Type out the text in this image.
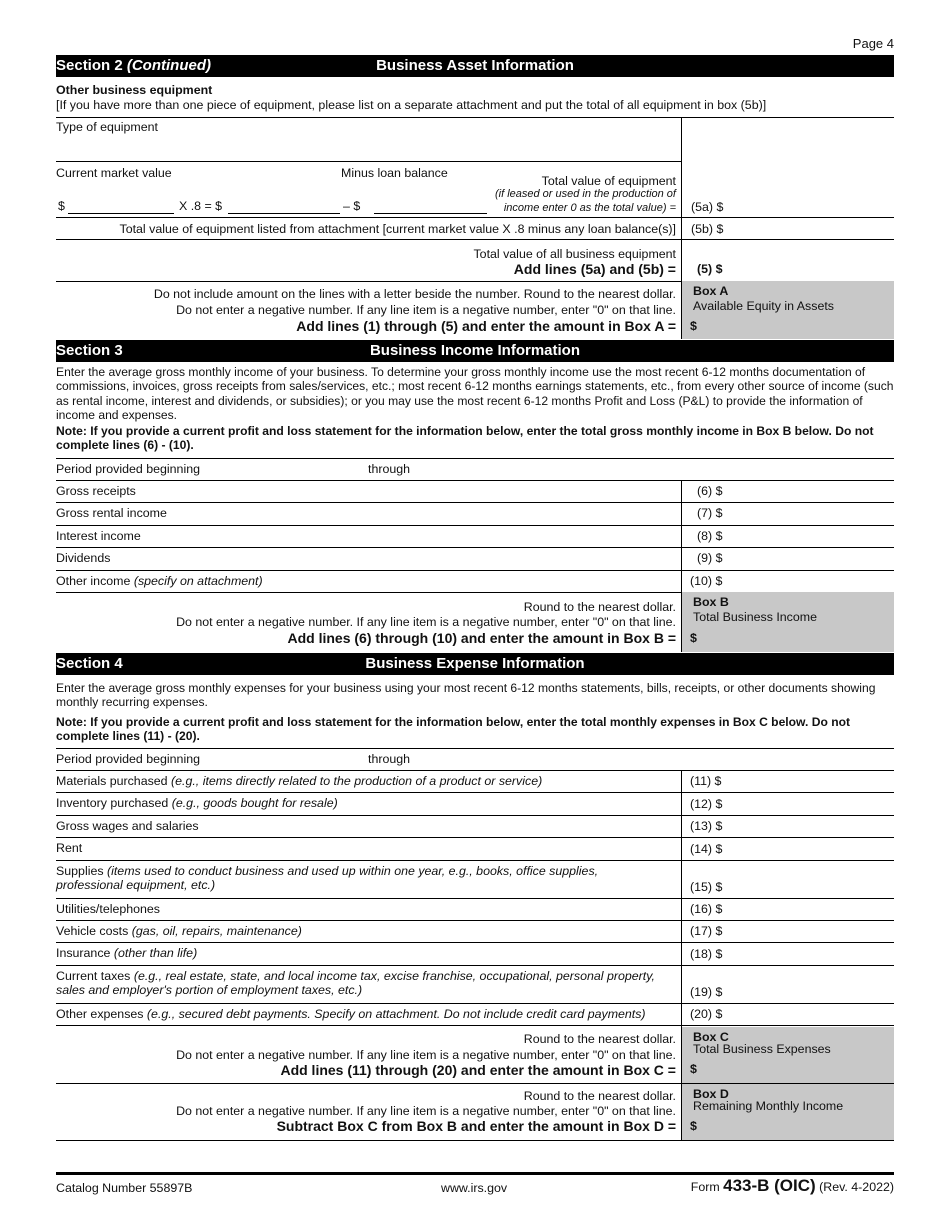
Page 4
Section 2 (Continued)	Business Asset Information
Other business equipment
[If you have more than one piece of equipment, please list on a separate attachment and put the total of all equipment in box (5b)]
Type of equipment
Current market value	Minus loan balance
Total value of equipment
(if leased or used in the production of
income enter 0 as the total value) =
$	X .8 = $	– $	(5a) $
Total value of equipment listed from attachment [current market value X .8 minus any loan balance(s)] (5b) $
Total value of all business equipment
Add lines (5a) and (5b) = (5) $
Box A
Available Equity in Assets
$
Do not include amount on the lines with a letter beside the number. Round to the nearest dollar.
Do not enter a negative number. If any line item is a negative number, enter "0" on that line.
Add lines (1) through (5) and enter the amount in Box A =
Section 3	Business Income Information
Enter the average gross monthly income of your business. To determine your gross monthly income use the most recent 6-12 months documentation of commissions, invoices, gross receipts from sales/services, etc.; most recent 6-12 months earnings statements, etc., from every other source of income (such as rental income, interest and dividends, or subsidies); or you may use the most recent 6-12 months Profit and Loss (P&L) to provide the information of income and expenses.
Note: If you provide a current profit and loss statement for the information below, enter the total gross monthly income in Box B below. Do not complete lines (6) - (10).
Period provided beginning	through
Gross receipts	(6) $
Gross rental income	(7) $
Interest income	(8) $
Dividends	(9) $
Other income (specify on attachment)	(10) $
Box B
Total Business Income
$
Round to the nearest dollar.
Do not enter a negative number. If any line item is a negative number, enter "0" on that line.
Add lines (6) through (10) and enter the amount in Box B =
Section 4	Business Expense Information
Enter the average gross monthly expenses for your business using your most recent 6-12 months statements, bills, receipts, or other documents showing monthly recurring expenses.
Note: If you provide a current profit and loss statement for the information below, enter the total monthly expenses in Box C below. Do not complete lines (11) - (20).
Period provided beginning	through
Materials purchased (e.g., items directly related to the production of a product or service)	(11) $
Inventory purchased (e.g., goods bought for resale)	(12) $
Gross wages and salaries	(13) $
Rent	(14) $
Supplies (items used to conduct business and used up within one year, e.g., books, office supplies, professional equipment, etc.)	(15) $
Utilities/telephones	(16) $
Vehicle costs (gas, oil, repairs, maintenance)	(17) $
Insurance (other than life)	(18) $
Current taxes (e.g., real estate, state, and local income tax, excise franchise, occupational, personal property, sales and employer's portion of employment taxes, etc.)	(19) $
Other expenses (e.g., secured debt payments. Specify on attachment. Do not include credit card payments)	(20) $
Box C
Total Business Expenses
$
Round to the nearest dollar.
Do not enter a negative number. If any line item is a negative number, enter "0" on that line.
Add lines (11) through (20) and enter the amount in Box C =
Box D
Remaining Monthly Income
$
Round to the nearest dollar.
Do not enter a negative number. If any line item is a negative number, enter "0" on that line.
Subtract Box C from Box B and enter the amount in Box D =
Catalog Number 55897B	www.irs.gov	Form 433-B (OIC) (Rev. 4-2022)
